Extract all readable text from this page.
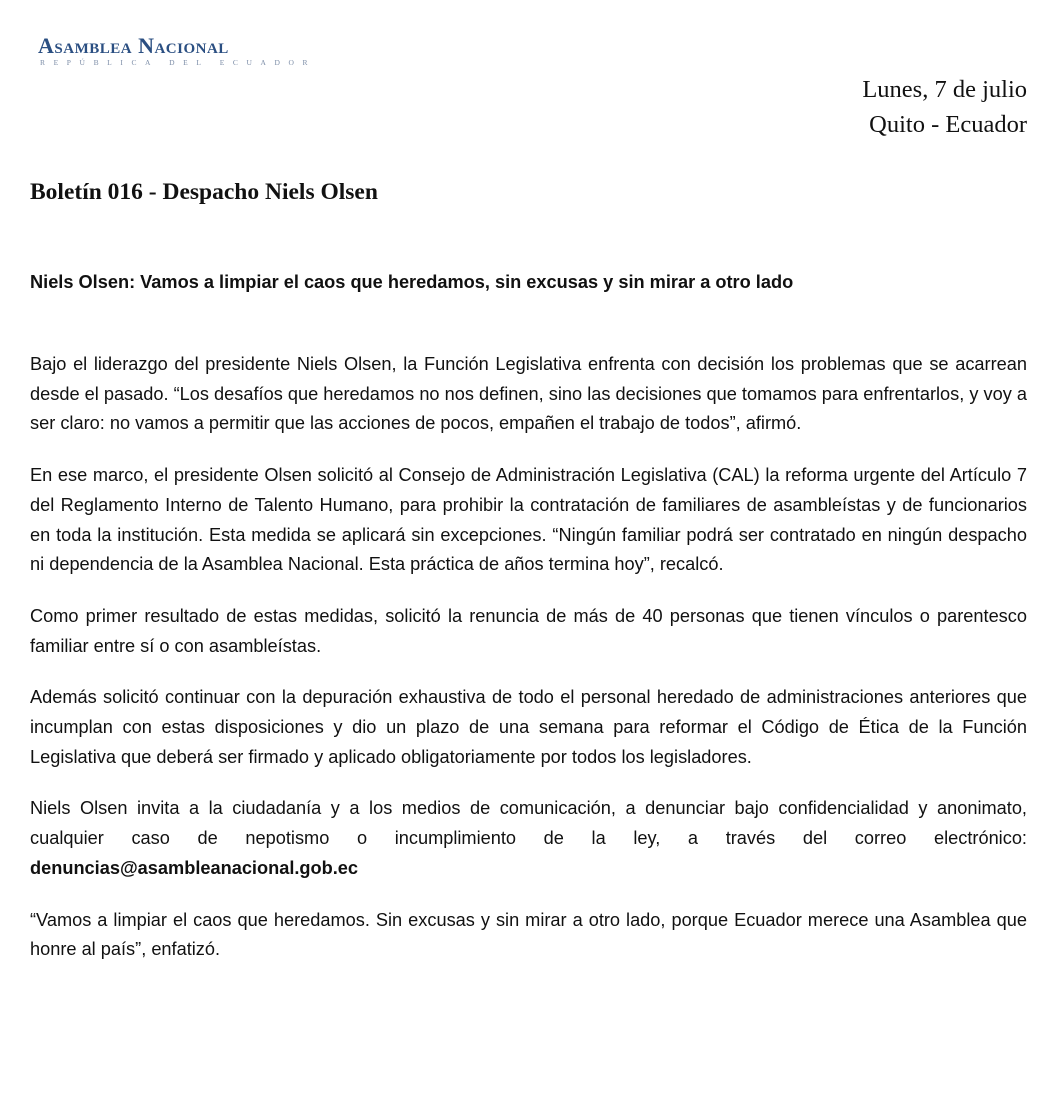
Asamblea Nacional
REPÚBLICA DEL ECUADOR
Lunes, 7 de julio
Quito - Ecuador
Boletín 016 - Despacho Niels Olsen
Niels Olsen: Vamos a limpiar el caos que heredamos, sin excusas y sin mirar a otro lado

Bajo el liderazgo del presidente Niels Olsen, la Función Legislativa enfrenta con decisión los problemas que se acarrean desde el pasado. “Los desafíos que heredamos no nos definen, sino las decisiones que tomamos para enfrentarlos, y voy a ser claro: no vamos a permitir que las acciones de pocos, empañen el trabajo de todos”, afirmó.

En ese marco, el presidente Olsen solicitó al Consejo de Administración Legislativa (CAL) la reforma urgente del Artículo 7 del Reglamento Interno de Talento Humano, para prohibir la contratación de familiares de asambleístas y de funcionarios en toda la institución. Esta medida se aplicará sin excepciones. “Ningún familiar podrá ser contratado en ningún despacho ni dependencia de la Asamblea Nacional. Esta práctica de años termina hoy”, recalcó.

Como primer resultado de estas medidas, solicitó la renuncia de más de 40 personas que tienen vínculos o parentesco familiar entre sí o con asambleístas.

Además solicitó continuar con la depuración exhaustiva de todo el personal heredado de administraciones anteriores que incumplan con estas disposiciones y dio un plazo de una semana para reformar el Código de Ética de la Función Legislativa que deberá ser firmado y aplicado obligatoriamente por todos los legisladores.

Niels Olsen invita a la ciudadanía y a los medios de comunicación, a denunciar bajo confidencialidad y anonimato, cualquier caso de nepotismo o incumplimiento de la ley, a través del correo electrónico: denuncias@asambleanacional.gob.ec

“Vamos a limpiar el caos que heredamos. Sin excusas y sin mirar a otro lado, porque Ecuador merece una Asamblea que honre al país”, enfatizó.
